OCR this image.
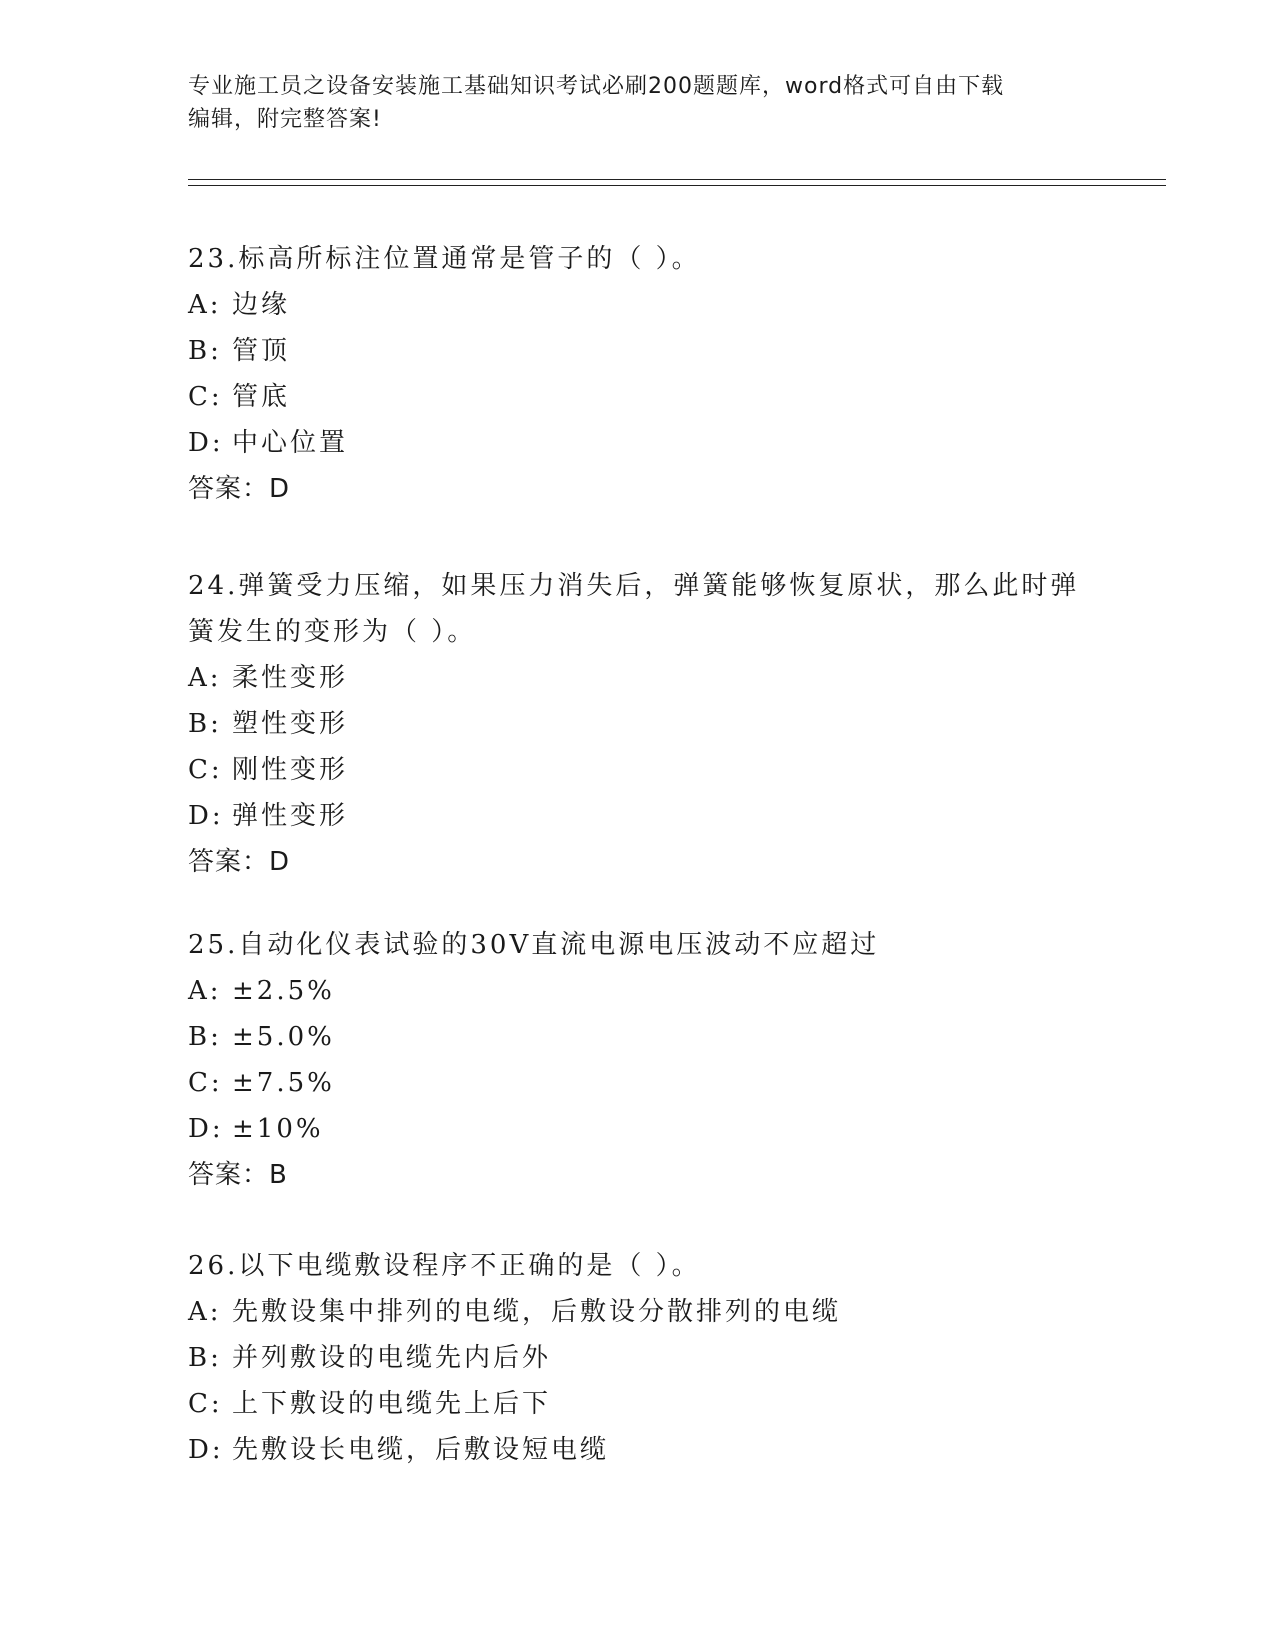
专业施工员之设备安装施工基础知识考试必刷200题题库，word格式可自由下载
编辑，附完整答案!
23.标高所标注位置通常是管子的（ ）。
A: 边缘
B: 管顶
C: 管底
D: 中心位置
答案：D
24.弹簧受力压缩，如果压力消失后，弹簧能够恢复原状，那么此时弹
簧发生的变形为（ ）。
A: 柔性变形
B: 塑性变形
C: 刚性变形
D: 弹性变形
答案：D
25.自动化仪表试验的30V直流电源电压波动不应超过
A: ±2.5%
B: ±5.0%
C: ±7.5%
D: ±10%
答案：B
26.以下电缆敷设程序不正确的是（ ）。
A: 先敷设集中排列的电缆，后敷设分散排列的电缆
B: 并列敷设的电缆先内后外
C: 上下敷设的电缆先上后下
D: 先敷设长电缆，后敷设短电缆
